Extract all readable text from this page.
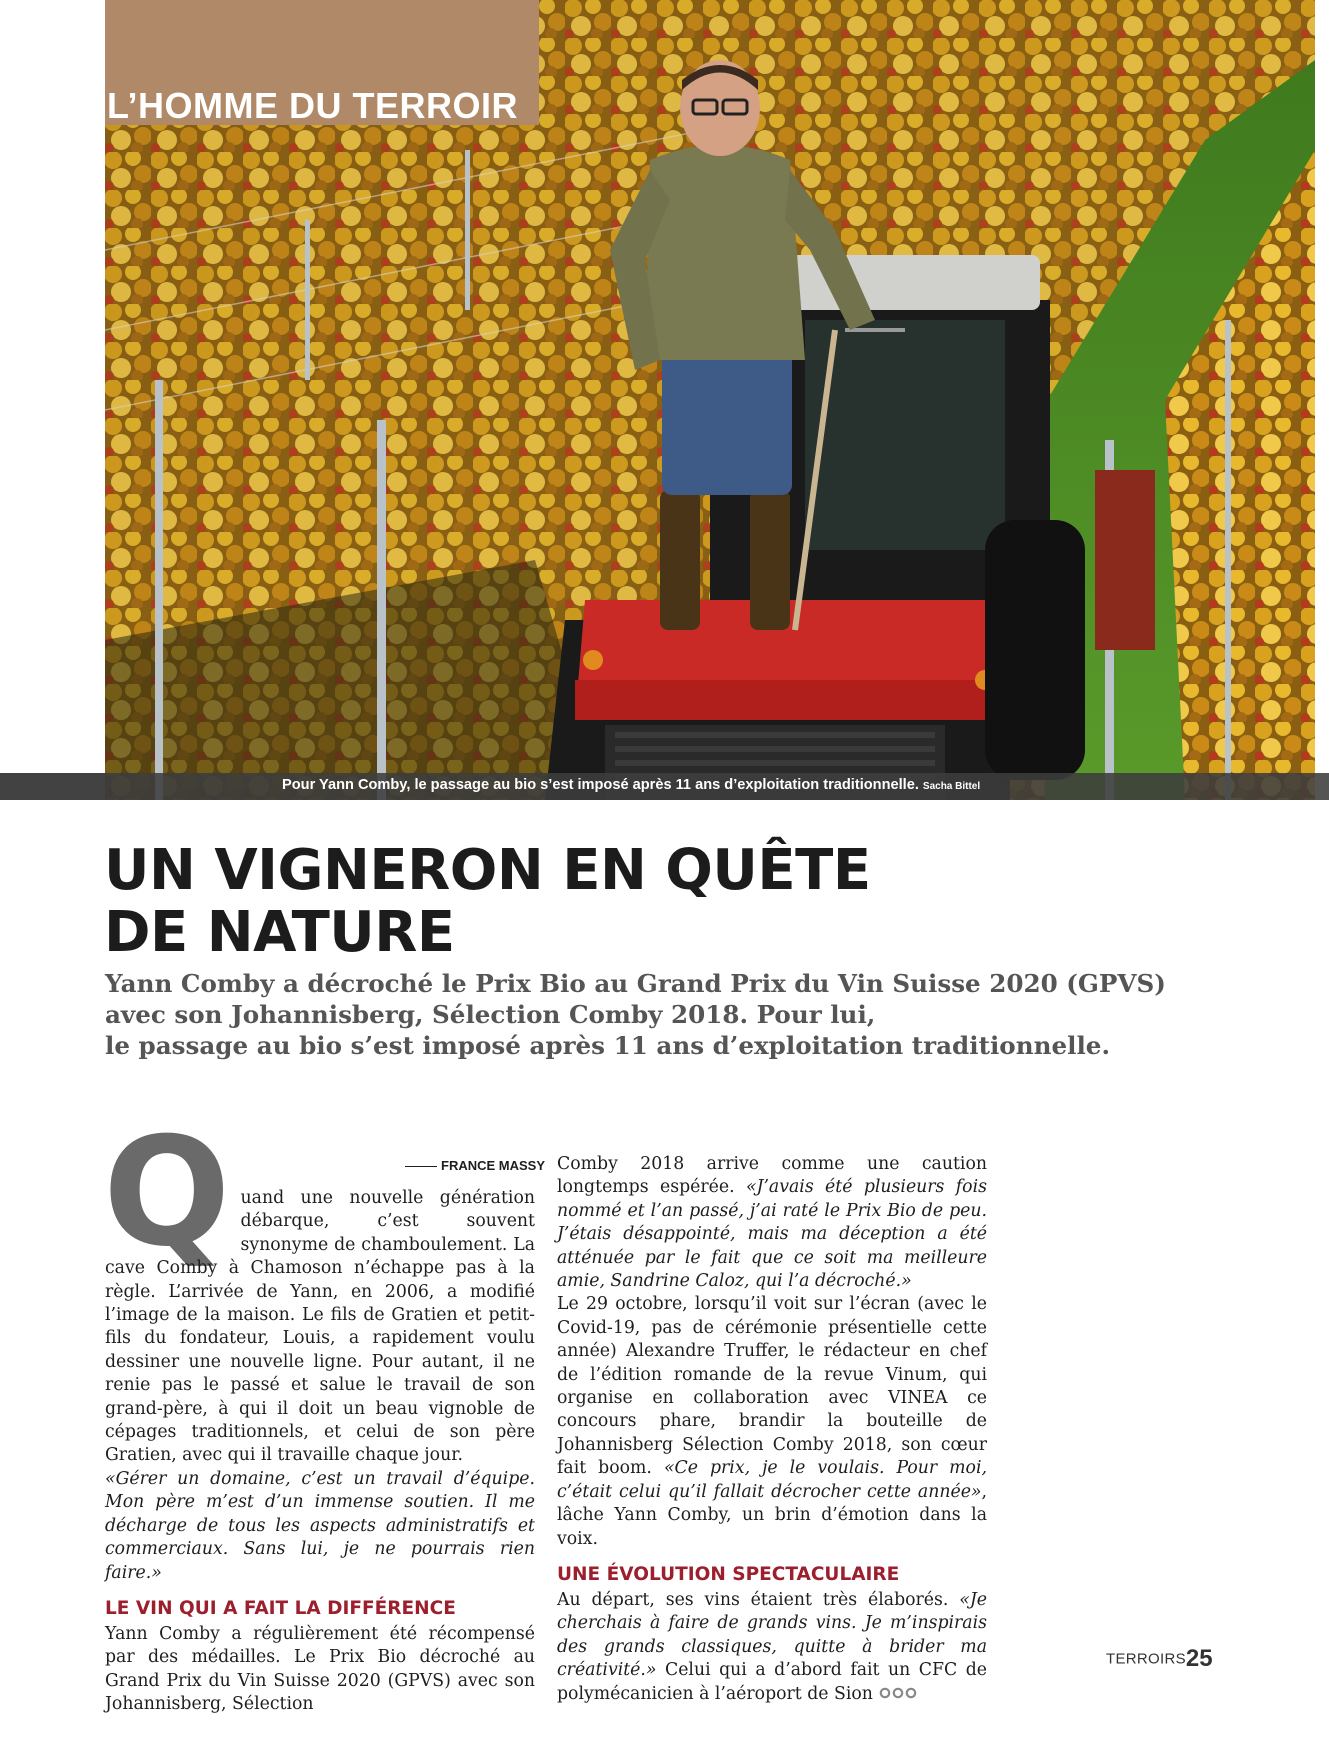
L’HOMME DU TERROIR
Pour Yann Comby, le passage au bio s’est imposé après 11 ans d’exploitation traditionnelle. Sacha Bittel
UN VIGNERON EN QUÊTE
DE NATURE
Yann Comby a décroché le Prix Bio au Grand Prix du Vin Suisse 2020 (GPVS)
avec son Johannisberg, Sélection Comby 2018. Pour lui,
le passage au bio s’est imposé après 11 ans d’exploitation traditionnelle.
FRANCE MASSY

Quand une nouvelle génération débarque, c’est souvent synonyme de chamboulement. La cave Comby à Chamoson n’échappe pas à la règle. L’arrivée de Yann, en 2006, a modifié l’image de la maison. Le fils de Gratien et petit-fils du fondateur, Louis, a rapidement voulu dessiner une nouvelle ligne. Pour autant, il ne renie pas le passé et salue le travail de son grand-père, à qui il doit un beau vignoble de cépages traditionnels, et celui de son père Gratien, avec qui il travaille chaque jour.

«Gérer un domaine, c’est un travail d’équipe. Mon père m’est d’un immense soutien. Il me décharge de tous les aspects administratifs et commerciaux. Sans lui, je ne pourrais rien faire.»

LE VIN QUI A FAIT LA DIFFÉRENCE

Yann Comby a régulièrement été récompensé par des médailles. Le Prix Bio décroché au Grand Prix du Vin Suisse 2020 (GPVS) avec son Johannisberg, Sélection

Comby 2018 arrive comme une caution longtemps espérée. «J’avais été plusieurs fois nommé et l’an passé, j’ai raté le Prix Bio de peu. J’étais désappointé, mais ma déception a été atténuée par le fait que ce soit ma meilleure amie, Sandrine Caloz, qui l’a décroché.»

Le 29 octobre, lorsqu’il voit sur l’écran (avec le Covid-19, pas de cérémonie présentielle cette année) Alexandre Truffer, le rédacteur en chef de l’édition romande de la revue Vinum, qui organise en collaboration avec VINEA ce concours phare, brandir la bouteille de Johannisberg Sélection Comby 2018, son cœur fait boom. «Ce prix, je le voulais. Pour moi, c’était celui qu’il fallait décrocher cette année», lâche Yann Comby, un brin d’émotion dans la voix.

UNE ÉVOLUTION SPECTACULAIRE

Au départ, ses vins étaient très élaborés. «Je cherchais à faire de grands vins. Je m’inspirais des grands classiques, quitte à brider ma créativité.» Celui qui a d’abord fait un CFC de polymécanicien à l’aéroport de Sion

TERROIRS25
